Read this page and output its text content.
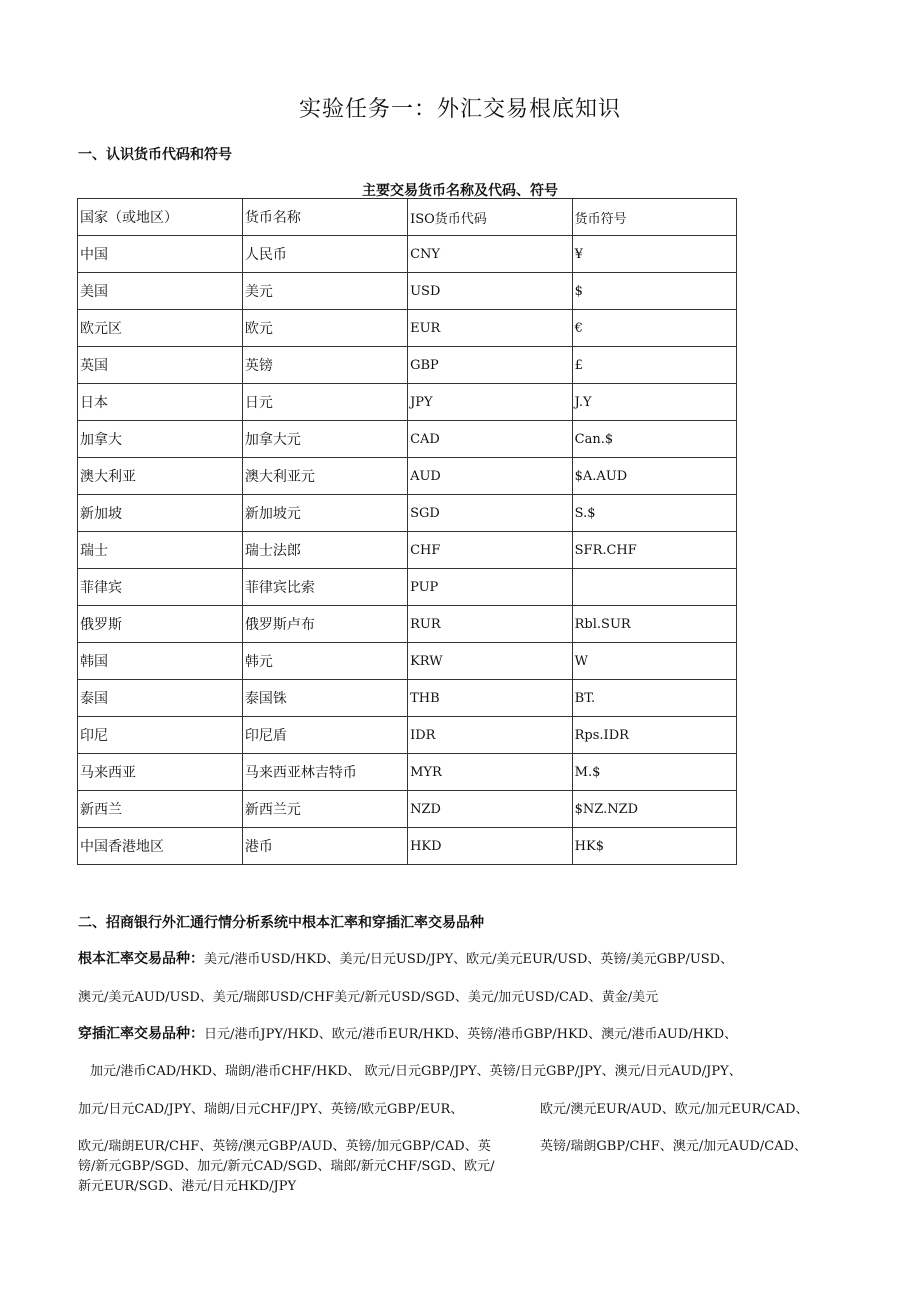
实验任务一：外汇交易根底知识
一、认识货币代码和符号
主要交易货币名称及代码、符号
国家（或地区）	货币名称	ISO货币代码	货币符号
中国	人民币	CNY	¥
美国	美元	USD	$
欧元区	欧元	EUR	€
英国	英镑	GBP	£
日本	日元	JPY	J.Y
加拿大	加拿大元	CAD	Can.$
澳大利亚	澳大利亚元	AUD	$A.AUD
新加坡	新加坡元	SGD	S.$
瑞士	瑞士法郎	CHF	SFR.CHF
菲律宾	菲律宾比索	PUP	
俄罗斯	俄罗斯卢布	RUR	Rbl.SUR
韩国	韩元	KRW	W
泰国	泰国铢	THB	BT.
印尼	印尼盾	IDR	Rps.IDR
马来西亚	马来西亚林吉特币	MYR	M.$
新西兰	新西兰元	NZD	$NZ.NZD
中国香港地区	港币	HKD	HK$
二、招商银行外汇通行情分析系统中根本汇率和穿插汇率交易品种
根本汇率交易品种：美元/港币USD/HKD、美元/日元USD/JPY、欧元/美元EUR/USD、英镑/美元GBP/USD、
澳元/美元AUD/USD、美元/瑞郎USD/CHF美元/新元USD/SGD、美元/加元USD/CAD、黄金/美元
穿插汇率交易品种：日元/港币JPY/HKD、欧元/港币EUR/HKD、英镑/港币GBP/HKD、澳元/港币AUD/HKD、
加元/港币CAD/HKD、瑞朗/港币CHF/HKD、 欧元/日元GBP/JPY、英镑/日元GBP/JPY、澳元/日元AUD/JPY、
加元/日元CAD/JPY、瑞朗/日元CHF/JPY、英镑/欧元GBP/EUR、	欧元/澳元EUR/AUD、欧元/加元EUR/CAD、
欧元/瑞朗EUR/CHF、英镑/澳元GBP/AUD、英镑/加元GBP/CAD、英	英镑/瑞朗GBP/CHF、澳元/加元AUD/CAD、
镑/新元GBP/SGD、加元/新元CAD/SGD、瑞郎/新元CHF/SGD、欧元/
新元EUR/SGD、港元/日元HKD/JPY
